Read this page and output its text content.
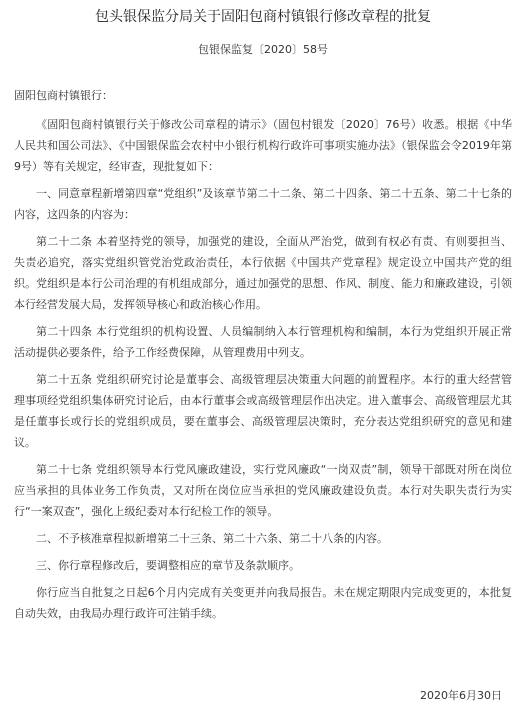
包头银保监分局关于固阳包商村镇银行修改章程的批复
包银保监复〔2020〕58号

固阳包商村镇银行：

《固阳包商村镇银行关于修改公司章程的请示》（固包村银发〔2020〕76号）收悉。根据《中华人民共和国公司法》、《中国银保监会农村中小银行机构行政许可事项实施办法》（银保监会令2019年第9号）等有关规定，经审查，现批复如下：

一、同意章程新增第四章“党组织”及该章节第二十二条、第二十四条、第二十五条、第二十七条的内容，这四条的内容为：

第二十二条 本着坚持党的领导，加强党的建设，全面从严治党，做到有权必有责、有则要担当、失责必追究，落实党组织管党治党政治责任，本行依据《中国共产党章程》规定设立中国共产党的组织。党组织是本行公司治理的有机组成部分，通过加强党的思想、作风、制度、能力和廉政建设，引领本行经营发展大局，发挥领导核心和政治核心作用。

第二十四条 本行党组织的机构设置、人员编制纳入本行管理机构和编制，本行为党组织开展正常活动提供必要条件，给予工作经费保障，从管理费用中列支。

第二十五条 党组织研究讨论是董事会、高级管理层决策重大问题的前置程序。本行的重大经营管理事项经党组织集体研究讨论后，由本行董事会或高级管理层作出决定。进入董事会、高级管理层尤其是任董事长或行长的党组织成员，要在董事会、高级管理层决策时，充分表达党组织研究的意见和建议。

第二十七条 党组织领导本行党风廉政建设，实行党风廉政“一岗双责”制，领导干部既对所在岗位应当承担的具体业务工作负责，又对所在岗位应当承担的党风廉政建设负责。本行对失职失责行为实行“一案双查”，强化上级纪委对本行纪检工作的领导。

二、不予核准章程拟新增第二十三条、第二十六条、第二十八条的内容。

三、你行章程修改后，要调整相应的章节及条款顺序。

你行应当自批复之日起6个月内完成有关变更并向我局报告。未在规定期限内完成变更的，本批复自动失效，由我局办理行政许可注销手续。

2020年6月30日
